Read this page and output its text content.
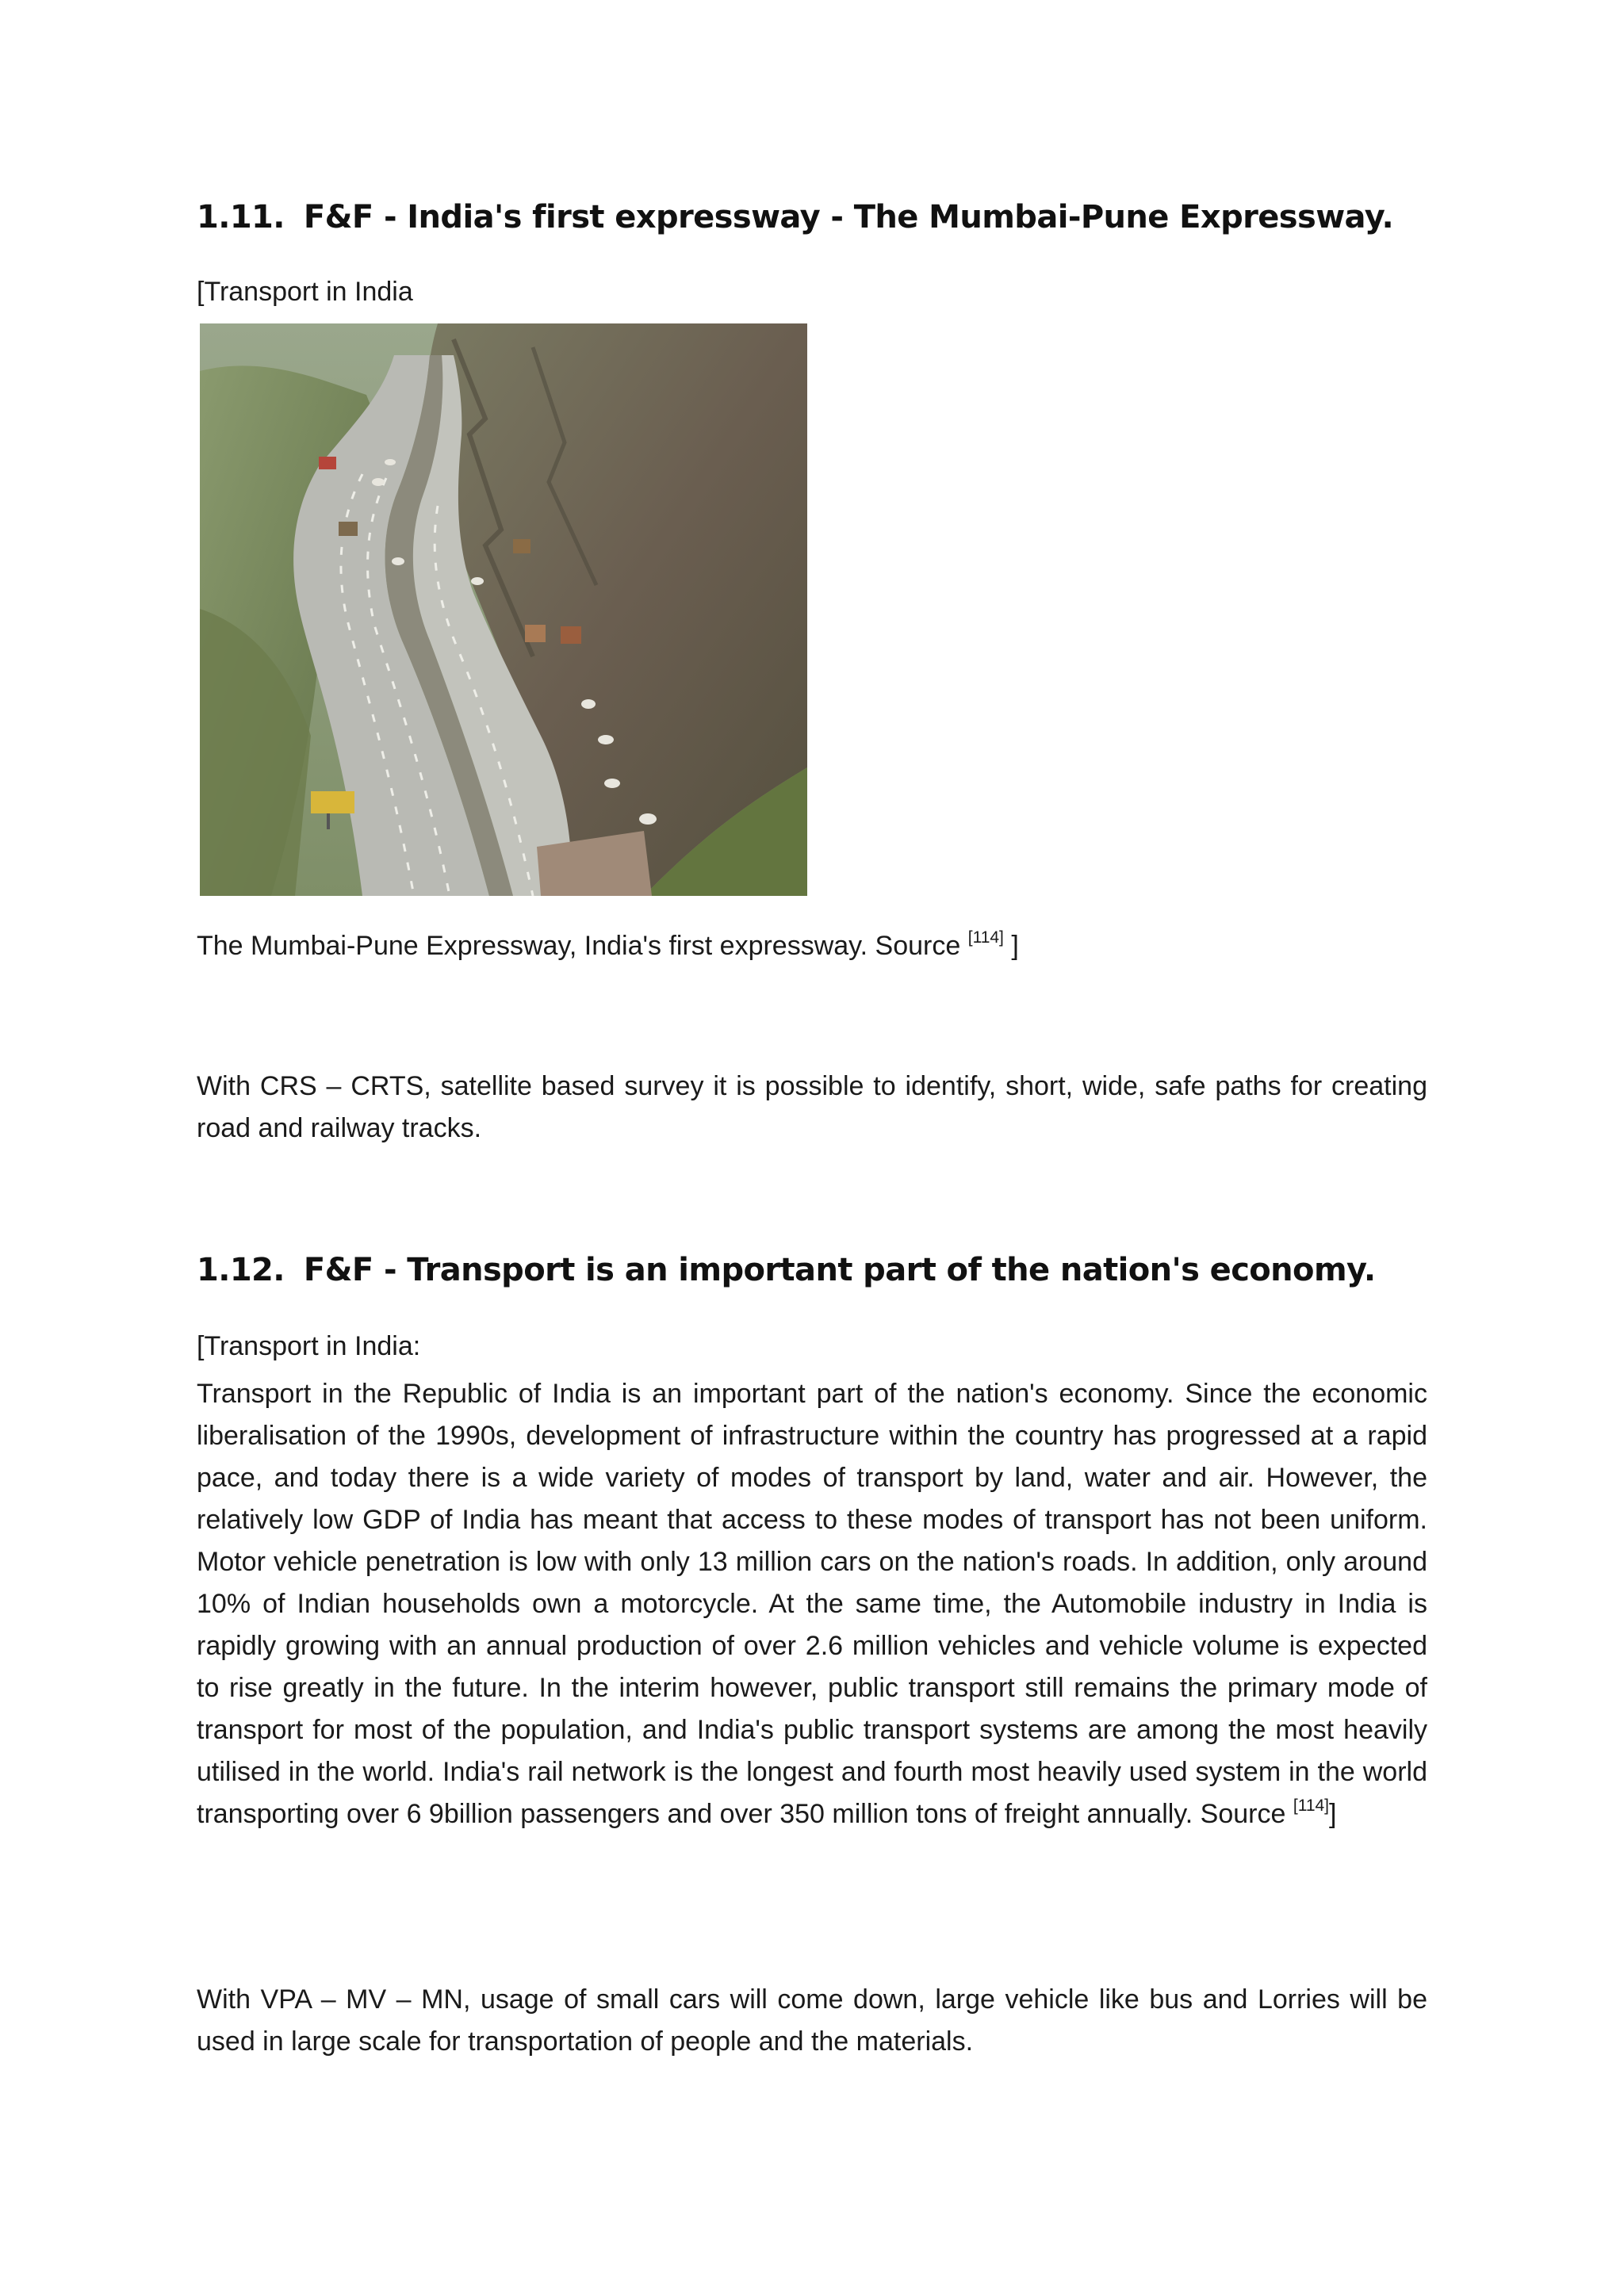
1.11. F&F - India's first expressway - The Mumbai-Pune Expressway.

[Transport in India

The Mumbai-Pune Expressway, India's first expressway. Source [114] ]

With CRS – CRTS, satellite based survey it is possible to identify, short, wide, safe paths for creating road and railway tracks.

1.12. F&F - Transport is an important part of the nation's economy.

[Transport in India:

Transport in the Republic of India is an important part of the nation's economy. Since the economic liberalisation of the 1990s, development of infrastructure within the country has progressed at a rapid pace, and today there is a wide variety of modes of transport by land, water and air. However, the relatively low GDP of India has meant that access to these modes of transport has not been uniform. Motor vehicle penetration is low with only 13 million cars on the nation's roads. In addition, only around 10% of Indian households own a motorcycle. At the same time, the Automobile industry in India is rapidly growing with an annual production of over 2.6 million vehicles and vehicle volume is expected to rise greatly in the future. In the interim however, public transport still remains the primary mode of transport for most of the population, and India's public transport systems are among the most heavily utilised in the world. India's rail network is the longest and fourth most heavily used system in the world transporting over 6 9billion passengers and over 350 million tons of freight annually. Source [114]]

With VPA – MV – MN, usage of small cars will come down, large vehicle like bus and Lorries will be used in large scale for transportation of people and the materials.
